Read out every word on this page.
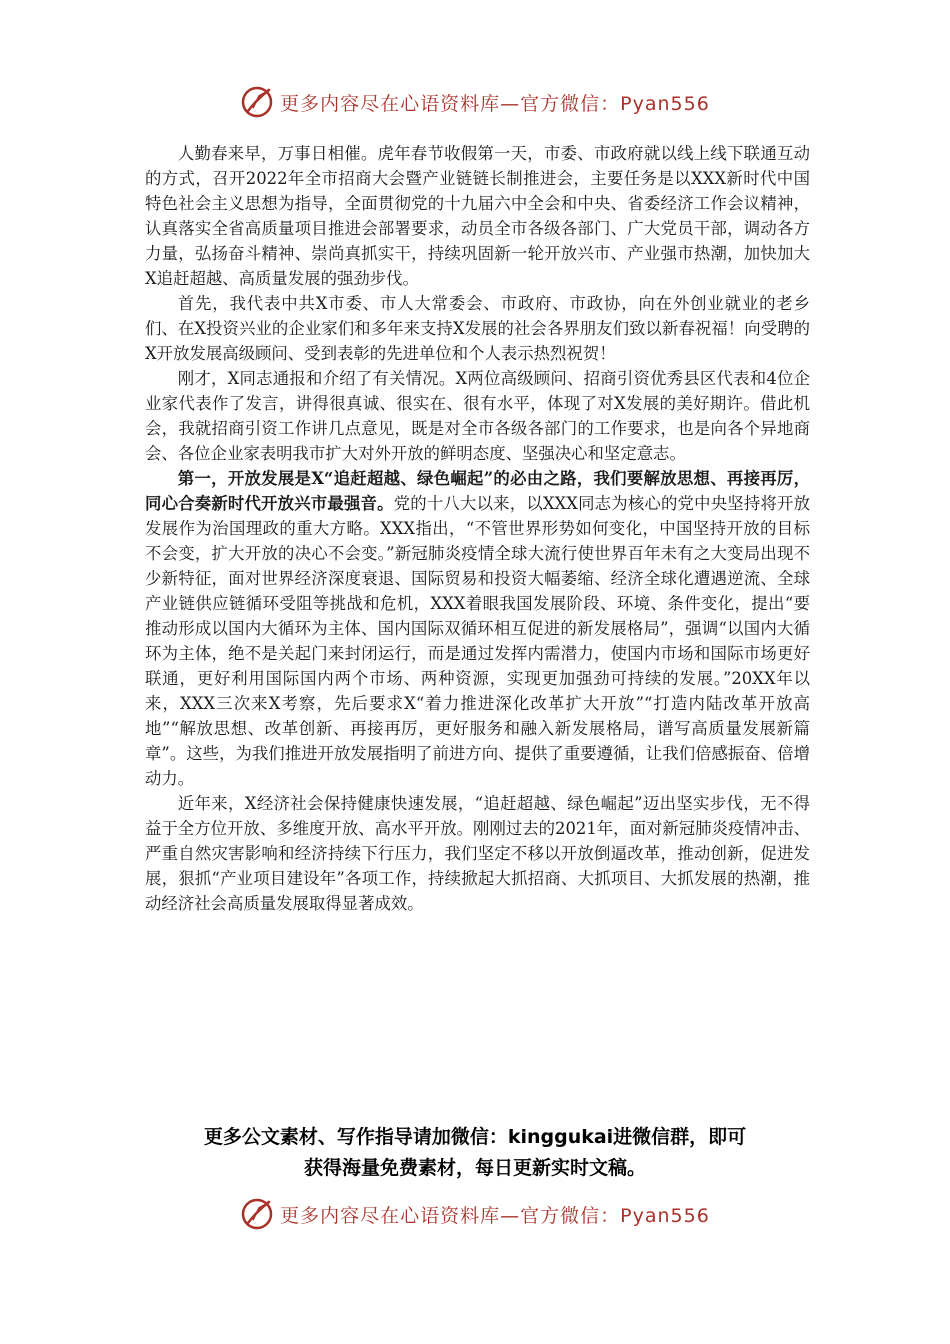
更多内容尽在心语资料库—官方微信：Pyan556

人勤春来早，万事日相催。虎年春节收假第一天，市委、市政府就以线上线下联通互动的方式，召开2022年全市招商大会暨产业链链长制推进会，主要任务是以XXX新时代中国特色社会主义思想为指导，全面贯彻党的十九届六中全会和中央、省委经济工作会议精神，认真落实全省高质量项目推进会部署要求，动员全市各级各部门、广大党员干部，调动各方力量，弘扬奋斗精神、崇尚真抓实干，持续巩固新一轮开放兴市、产业强市热潮，加快加大X追赶超越、高质量发展的强劲步伐。

首先，我代表中共X市委、市人大常委会、市政府、市政协，向在外创业就业的老乡们、在X投资兴业的企业家们和多年来支持X发展的社会各界朋友们致以新春祝福！向受聘的X开放发展高级顾问、受到表彰的先进单位和个人表示热烈祝贺！

刚才，X同志通报和介绍了有关情况。X两位高级顾问、招商引资优秀县区代表和4位企业家代表作了发言，讲得很真诚、很实在、很有水平，体现了对X发展的美好期许。借此机会，我就招商引资工作讲几点意见，既是对全市各级各部门的工作要求，也是向各个异地商会、各位企业家表明我市扩大对外开放的鲜明态度、坚强决心和坚定意志。

第一，开放发展是X“追赶超越、绿色崛起”的必由之路，我们要解放思想、再接再厉，同心合奏新时代开放兴市最强音。党的十八大以来，以XXX同志为核心的党中央坚持将开放发展作为治国理政的重大方略。XXX指出，“不管世界形势如何变化，中国坚持开放的目标不会变，扩大开放的决心不会变。”新冠肺炎疫情全球大流行使世界百年未有之大变局出现不少新特征，面对世界经济深度衰退、国际贸易和投资大幅萎缩、经济全球化遭遇逆流、全球产业链供应链循环受阻等挑战和危机，XXX着眼我国发展阶段、环境、条件变化，提出“要推动形成以国内大循环为主体、国内国际双循环相互促进的新发展格局”，强调“以国内大循环为主体，绝不是关起门来封闭运行，而是通过发挥内需潜力，使国内市场和国际市场更好联通，更好利用国际国内两个市场、两种资源，实现更加强劲可持续的发展。”20XX年以来，XXX三次来X考察，先后要求X“着力推进深化改革扩大开放”“打造内陆改革开放高地”“解放思想、改革创新、再接再厉，更好服务和融入新发展格局，谱写高质量发展新篇章”。这些，为我们推进开放发展指明了前进方向、提供了重要遵循，让我们倍感振奋、倍增动力。

近年来，X经济社会保持健康快速发展，“追赶超越、绿色崛起”迈出坚实步伐，无不得益于全方位开放、多维度开放、高水平开放。刚刚过去的2021年，面对新冠肺炎疫情冲击、严重自然灾害影响和经济持续下行压力，我们坚定不移以开放倒逼改革，推动创新，促进发展，狠抓“产业项目建设年”各项工作，持续掀起大抓招商、大抓项目、大抓发展的热潮，推动经济社会高质量发展取得显著成效。

更多公文素材、写作指导请加微信：kinggukai进微信群，即可
获得海量免费素材，每日更新实时文稿。
更多内容尽在心语资料库—官方微信：Pyan556
